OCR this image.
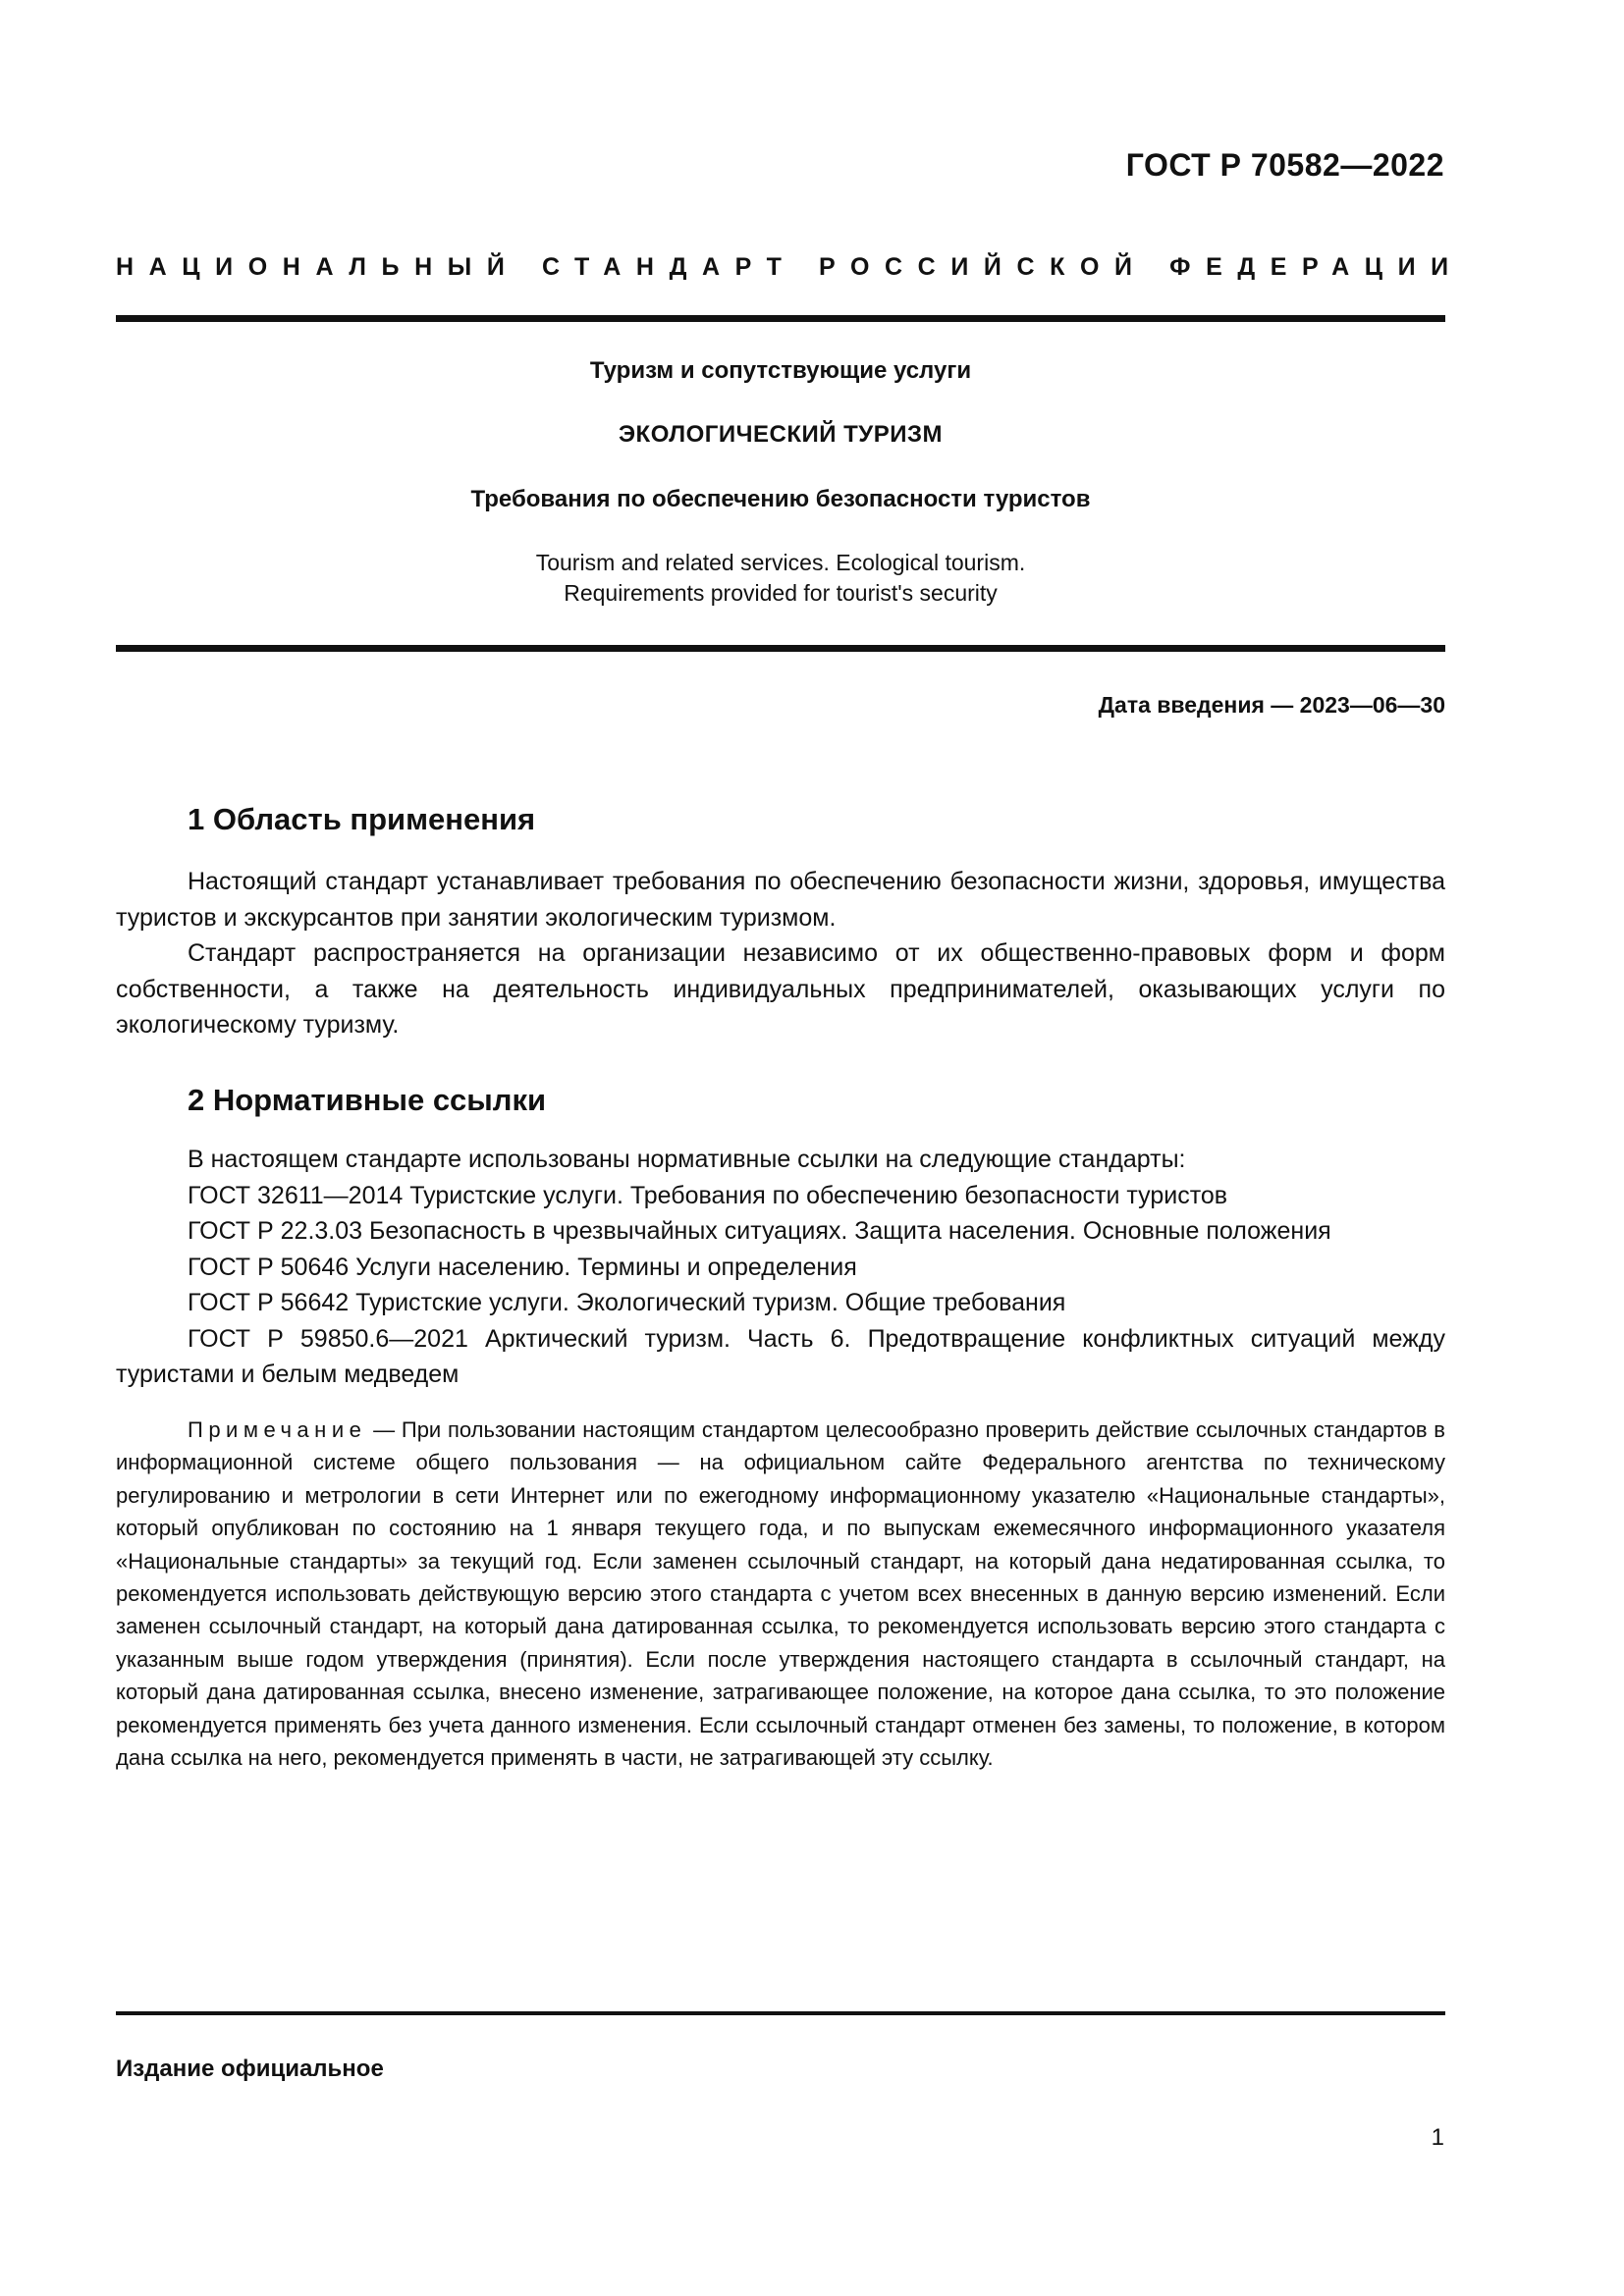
ГОСТ Р 70582—2022
НАЦИОНАЛЬНЫЙ СТАНДАРТ РОССИЙСКОЙ ФЕДЕРАЦИИ
Туризм и сопутствующие услуги
ЭКОЛОГИЧЕСКИЙ ТУРИЗМ
Требования по обеспечению безопасности туристов
Tourism and related services. Ecological tourism.
Requirements provided for tourist's security
Дата введения — 2023—06—30
1 Область применения

Настоящий стандарт устанавливает требования по обеспечению безопасности жизни, здоровья, имущества туристов и экскурсантов при занятии экологическим туризмом.

Стандарт распространяется на организации независимо от их общественно-правовых форм и форм собственности, а также на деятельность индивидуальных предпринимателей, оказывающих услуги по экологическому туризму.

2 Нормативные ссылки

В настоящем стандарте использованы нормативные ссылки на следующие стандарты:

ГОСТ 32611—2014 Туристские услуги. Требования по обеспечению безопасности туристов

ГОСТ Р 22.3.03 Безопасность в чрезвычайных ситуациях. Защита населения. Основные положения

ГОСТ Р 50646 Услуги населению. Термины и определения

ГОСТ Р 56642 Туристские услуги. Экологический туризм. Общие требования

ГОСТ Р 59850.6—2021 Арктический туризм. Часть 6. Предотвращение конфликтных ситуаций между туристами и белым медведем

Примечание — При пользовании настоящим стандартом целесообразно проверить действие ссылочных стандартов в информационной системе общего пользования — на официальном сайте Федерального агентства по техническому регулированию и метрологии в сети Интернет или по ежегодному информационному указателю «Национальные стандарты», который опубликован по состоянию на 1 января текущего года, и по выпускам ежемесячного информационного указателя «Национальные стандарты» за текущий год. Если заменен ссылочный стандарт, на который дана недатированная ссылка, то рекомендуется использовать действующую версию этого стандарта с учетом всех внесенных в данную версию изменений. Если заменен ссылочный стандарт, на который дана датированная ссылка, то рекомендуется использовать версию этого стандарта с указанным выше годом утверждения (принятия). Если после утверждения настоящего стандарта в ссылочный стандарт, на который дана датированная ссылка, внесено изменение, затрагивающее положение, на которое дана ссылка, то это положение рекомендуется применять без учета данного изменения. Если ссылочный стандарт отменен без замены, то положение, в котором дана ссылка на него, рекомендуется применять в части, не затрагивающей эту ссылку.
Издание официальное
1
